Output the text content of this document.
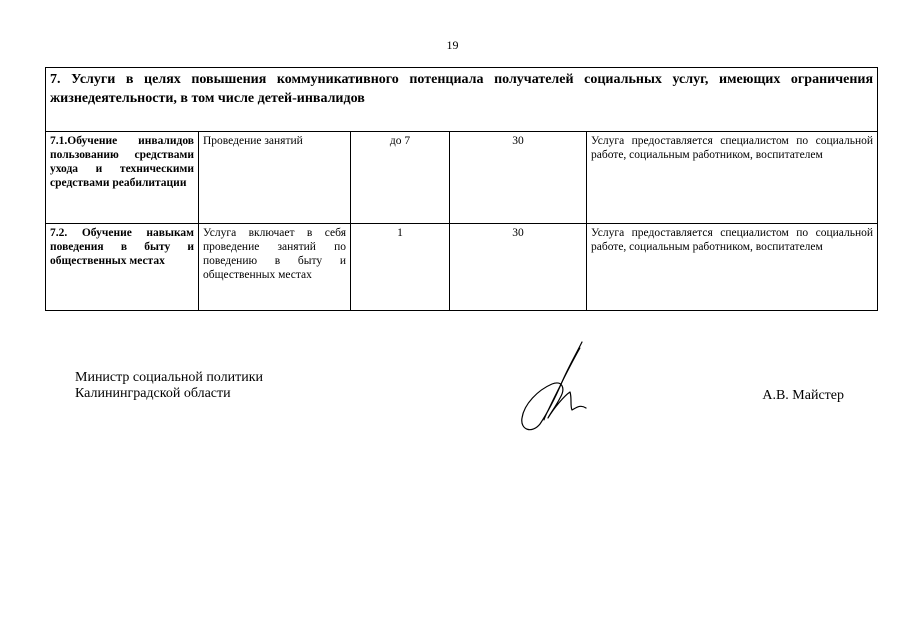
19
7. Услуги в целях повышения коммуникативного потенциала получателей социальных услуг, имеющих ограничения жизнедеятельности, в том числе детей-инвалидов				
7.1.Обучение инвалидов пользованию средствами ухода и техническими средствами реабилитации	Проведение занятий	до 7	30	Услуга предоставляется специалистом по социальной работе, социальным работником, воспитателем
7.2. Обучение навыкам поведения в быту и общественных местах	Услуга включает в себя проведение занятий по поведению в быту и общественных местах	1	30	Услуга предоставляется специалистом по социальной работе, социальным работником, воспитателем
Министр социальной политики
Калининградской области	А.В. Майстер
